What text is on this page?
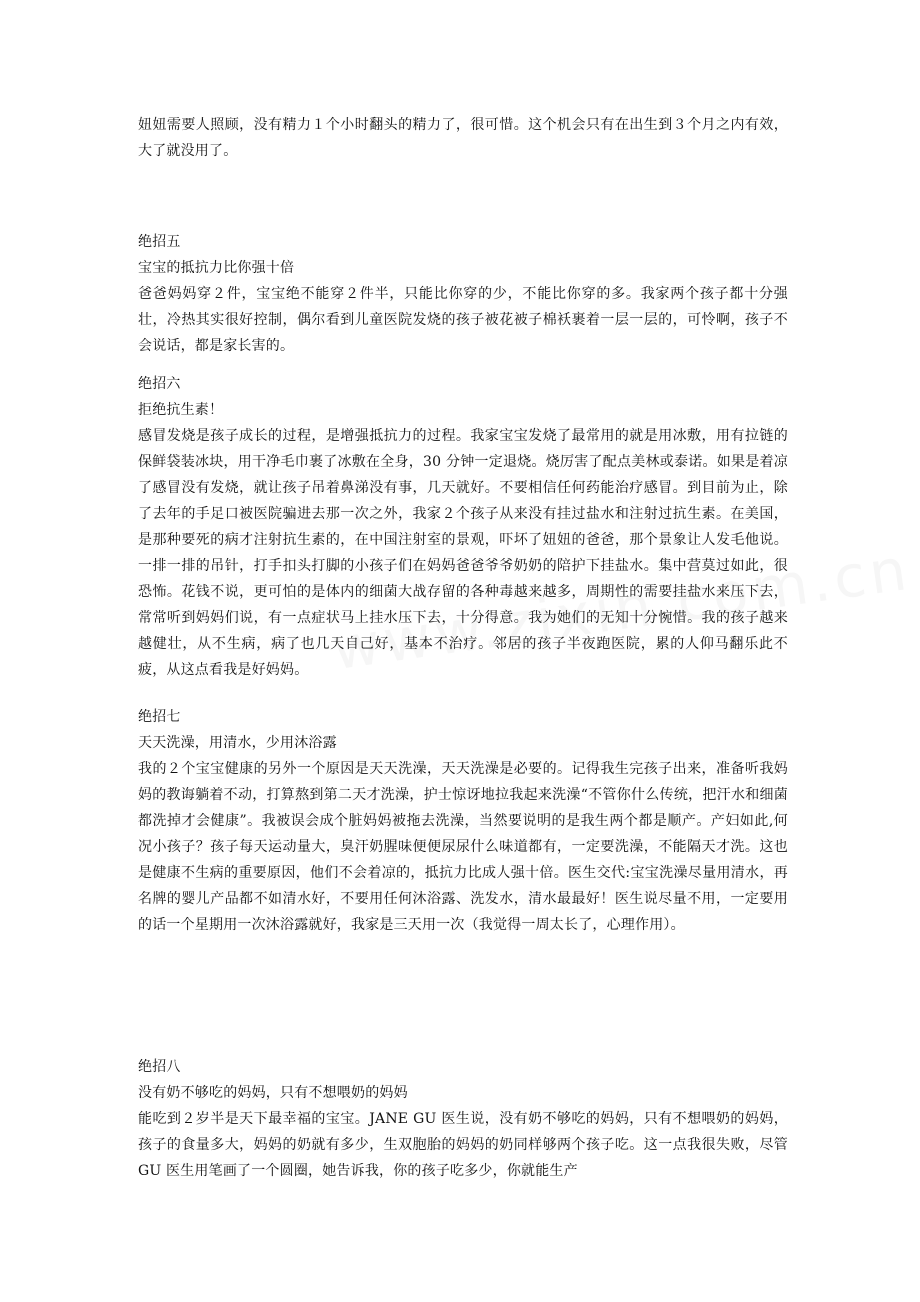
妞妞需要人照顾，没有精力１个小时翻头的精力了，很可惜。这个机会只有在出生到３个月之内有效，大了就没用了。

绝招五

宝宝的抵抗力比你强十倍

爸爸妈妈穿２件，宝宝绝不能穿２件半，只能比你穿的少，不能比你穿的多。我家两个孩子都十分强壮，冷热其实很好控制，偶尔看到儿童医院发烧的孩子被花被子棉袄裹着一层一层的，可怜啊，孩子不会说话，都是家长害的。

绝招六

拒绝抗生素！

感冒发烧是孩子成长的过程，是增强抵抗力的过程。我家宝宝发烧了最常用的就是用冰敷，用有拉链的保鲜袋装冰块，用干净毛巾裹了冰敷在全身，30 分钟一定退烧。烧厉害了配点美林或泰诺。如果是着凉了感冒没有发烧，就让孩子吊着鼻涕没有事，几天就好。不要相信任何药能治疗感冒。到目前为止，除了去年的手足口被医院骗进去那一次之外，我家２个孩子从来没有挂过盐水和注射过抗生素。在美国，是那种要死的病才注射抗生素的，在中国注射室的景观，吓坏了妞妞的爸爸，那个景象让人发毛他说。一排一排的吊针，打手扣头打脚的小孩子们在妈妈爸爸爷爷奶奶的陪护下挂盐水。集中营莫过如此，很恐怖。花钱不说，更可怕的是体内的细菌大战存留的各种毒越来越多，周期性的需要挂盐水来压下去，常常听到妈妈们说，有一点症状马上挂水压下去，十分得意。我为她们的无知十分惋惜。我的孩子越来越健壮，从不生病，病了也几天自己好，基本不治疗。邻居的孩子半夜跑医院，累的人仰马翻乐此不疲，从这点看我是好妈妈。

绝招七

天天洗澡，用清水，少用沐浴露

我的２个宝宝健康的另外一个原因是天天洗澡，天天洗澡是必要的。记得我生完孩子出来，准备听我妈妈的教诲躺着不动，打算熬到第二天才洗澡，护士惊讶地拉我起来洗澡“不管你什么传统，把汗水和细菌都洗掉才会健康”。我被误会成个脏妈妈被拖去洗澡，当然要说明的是我生两个都是顺产。产妇如此,何况小孩子？孩子每天运动量大，臭汗奶腥味便便尿尿什么味道都有，一定要洗澡，不能隔天才洗。这也是健康不生病的重要原因，他们不会着凉的，抵抗力比成人强十倍。医生交代:宝宝洗澡尽量用清水，再名牌的婴儿产品都不如清水好，不要用任何沐浴露、洗发水，清水最最好！医生说尽量不用，一定要用的话一个星期用一次沐浴露就好，我家是三天用一次（我觉得一周太长了，心理作用）。

绝招八

没有奶不够吃的妈妈，只有不想喂奶的妈妈

能吃到２岁半是天下最幸福的宝宝。JANE GU 医生说，没有奶不够吃的妈妈，只有不想喂奶的妈妈，孩子的食量多大，妈妈的奶就有多少，生双胞胎的妈妈的奶同样够两个孩子吃。这一点我很失败，尽管 GU 医生用笔画了一个圆圈，她告诉我，你的孩子吃多少，你就能生产
